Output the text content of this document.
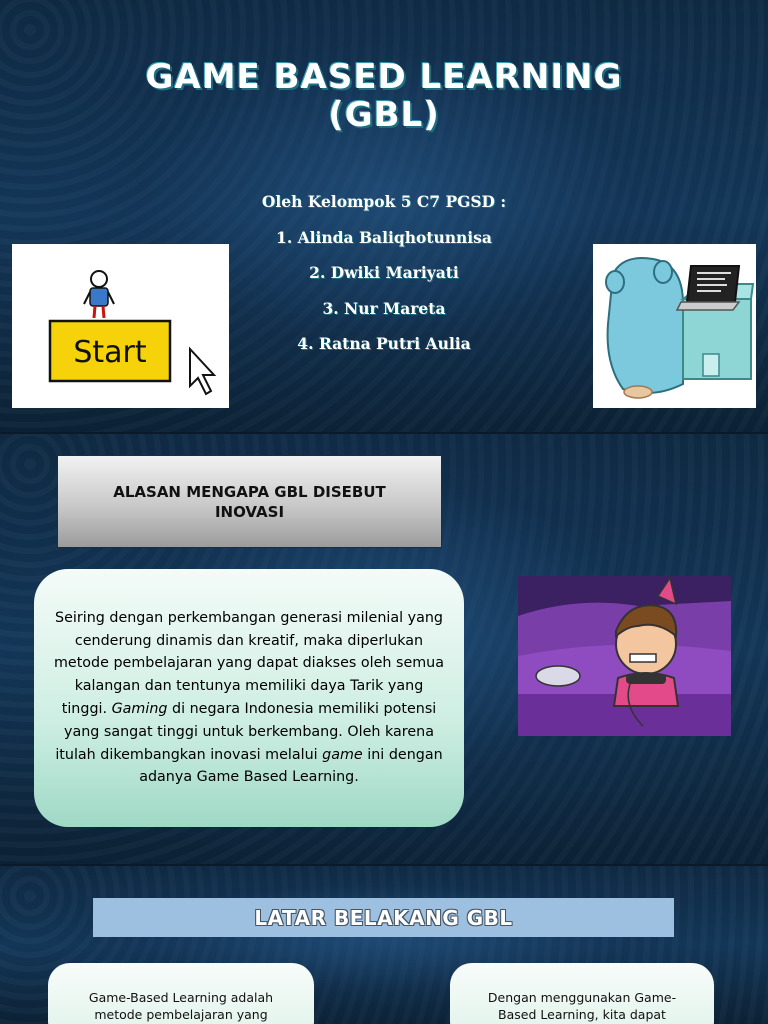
GAME BASED LEARNING
(GBL)
Oleh Kelompok 5 C7 PGSD :
1. Alinda Baliqhotunnisa
2. Dwiki Mariyati
3. Nur Mareta
4. Ratna Putri Aulia
Start
ALASAN MENGAPA GBL DISEBUT INOVASI
Seiring dengan perkembangan generasi milenial yang cenderung dinamis dan kreatif, maka diperlukan metode pembelajaran yang dapat diakses oleh semua kalangan dan tentunya memiliki daya Tarik yang tinggi. Gaming di negara Indonesia memiliki potensi yang sangat tinggi untuk berkembang. Oleh karena itulah dikembangkan inovasi melalui game ini dengan adanya Game Based Learning.
LATAR BELAKANG GBL
Game-Based Learning adalah
metode pembelajaran yang
Dengan menggunakan Game-
Based Learning, kita dapat
